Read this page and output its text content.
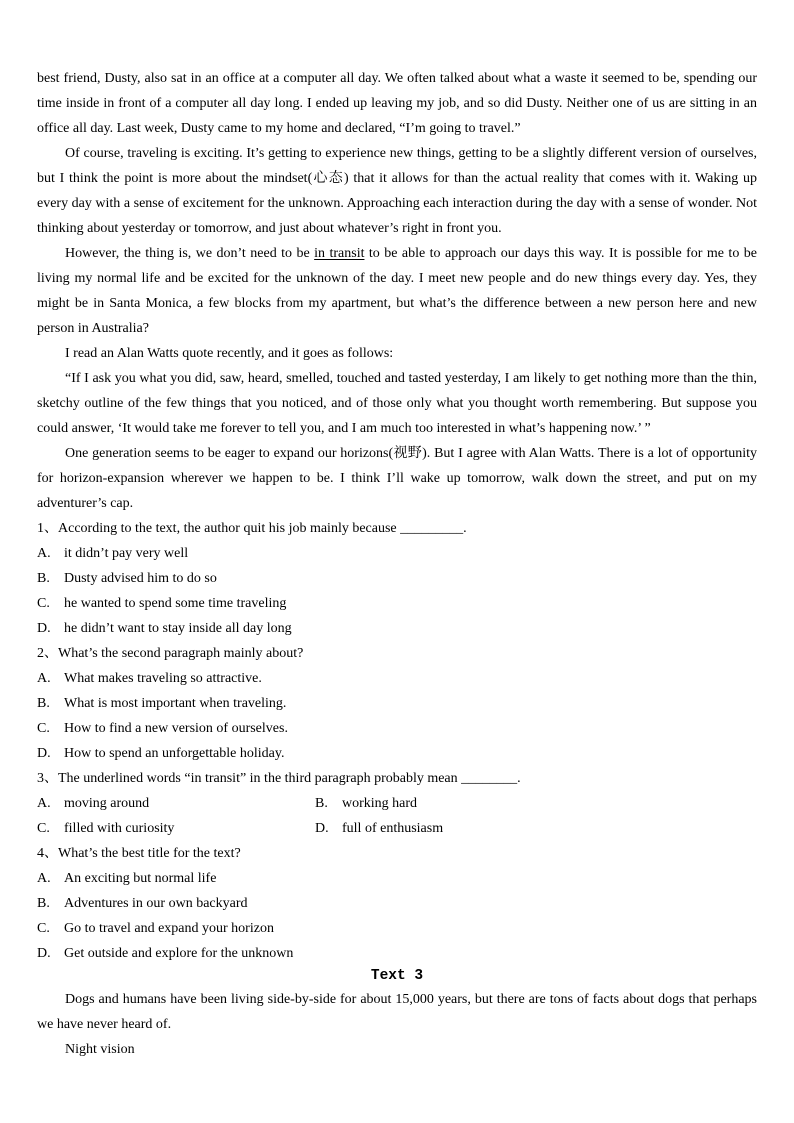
best friend, Dusty, also sat in an office at a computer all day. We often talked about what a waste it seemed to be, spending our time inside in front of a computer all day long. I ended up leaving my job, and so did Dusty. Neither one of us are sitting in an office all day. Last week, Dusty came to my home and declared, “I’m going to travel.”

Of course, traveling is exciting. It’s getting to experience new things, getting to be a slightly different version of ourselves, but I think the point is more about the mindset(心态) that it allows for than the actual reality that comes with it. Waking up every day with a sense of excitement for the unknown. Approaching each interaction during the day with a sense of wonder. Not thinking about yesterday or tomorrow, and just about whatever’s right in front you.

However, the thing is, we don’t need to be in transit to be able to approach our days this way. It is possible for me to be living my normal life and be excited for the unknown of the day. I meet new people and do new things every day. Yes, they might be in Santa Monica, a few blocks from my apartment, but what’s the difference between a new person here and new person in Australia?

I read an Alan Watts quote recently, and it goes as follows:

“If I ask you what you did, saw, heard, smelled, touched and tasted yesterday, I am likely to get nothing more than the thin, sketchy outline of the few things that you noticed, and of those only what you thought worth remembering. But suppose you could answer, ‘It would take me forever to tell you, and I am much too interested in what’s happening now.’ ”

One generation seems to be eager to expand our horizons(视野). But I agree with Alan Watts. There is a lot of opportunity for horizon-expansion wherever we happen to be. I think I’ll wake up tomorrow, walk down the street, and put on my adventurer’s cap.

1、According to the text, the author quit his job mainly because _________.

A. it didn’t pay very well

B. Dusty advised him to do so

C. he wanted to spend some time traveling

D. he didn’t want to stay inside all day long

2、What’s the second paragraph mainly about?

A. What makes traveling so attractive.

B. What is most important when traveling.

C. How to find a new version of ourselves.

D. How to spend an unforgettable holiday.

3、The underlined words “in transit” in the third paragraph probably mean ________.

A. moving around	B. working hard

C. filled with curiosity	D. full of enthusiasm

4、What’s the best title for the text?

A. An exciting but normal life

B. Adventures in our own backyard

C. Go to travel and expand your horizon

D. Get outside and explore for the unknown

Text 3

Dogs and humans have been living side-by-side for about 15,000 years, but there are tons of facts about dogs that perhaps we have never heard of.

Night vision
